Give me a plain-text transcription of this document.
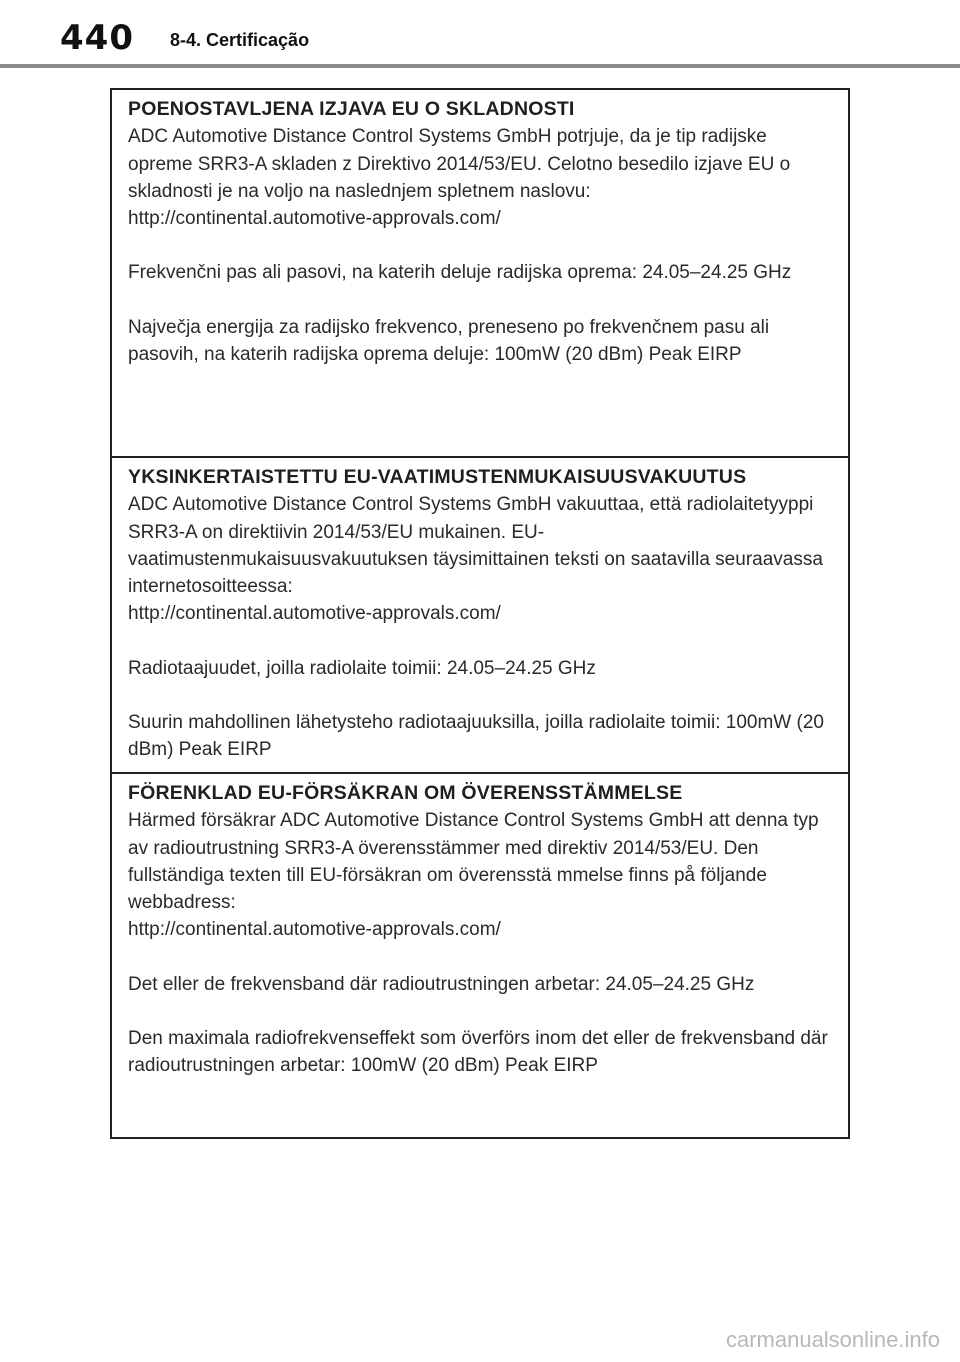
440 8-4. Certificação
POENOSTAVLJENA IZJAVA EU O SKLADNOSTI
ADC Automotive Distance Control Systems GmbH potrjuje, da je tip radijske opreme SRR3-A skladen z Direktivo 2014/53/EU. Celotno besedilo izjave EU o skladnosti je na voljo na naslednjem spletnem naslovu:
http://continental.automotive-approvals.com/
Frekvenčni pas ali pasovi, na katerih deluje radijska oprema: 24.05–24.25 GHz
Največja energija za radijsko frekvenco, preneseno po frekvenčnem pasu ali pasovih, na katerih radijska oprema deluje: 100mW (20 dBm) Peak EIRP
YKSINKERTAISTETTU EU-VAATIMUSTENMUKAISUUSVAKUUTUS
ADC Automotive Distance Control Systems GmbH vakuuttaa, että radiolaitetyyppi SRR3-A on direktiivin 2014/53/EU mukainen. EU-vaatimustenmukaisuusvakuutuksen täysimittainen teksti on saatavilla seuraavassa internetosoitteessa:
http://continental.automotive-approvals.com/
Radiotaajuudet, joilla radiolaite toimii: 24.05–24.25 GHz
Suurin mahdollinen lähetysteho radiotaajuuksilla, joilla radiolaite toimii: 100mW (20 dBm) Peak EIRP
FÖRENKLAD EU-FÖRSÄKRAN OM ÖVERENSSTÄMMELSE
Härmed försäkrar ADC Automotive Distance Control Systems GmbH att denna typ av radioutrustning SRR3-A överensstämmer med direktiv 2014/53/EU. Den fullständiga texten till EU-försäkran om överensstä mmelse finns på följande webbadress:
http://continental.automotive-approvals.com/
Det eller de frekvensband där radioutrustningen arbetar: 24.05–24.25 GHz
Den maximala radiofrekvenseffekt som överförs inom det eller de frekvensband där radioutrustningen arbetar: 100mW (20 dBm) Peak EIRP
carmanualsonline.info
